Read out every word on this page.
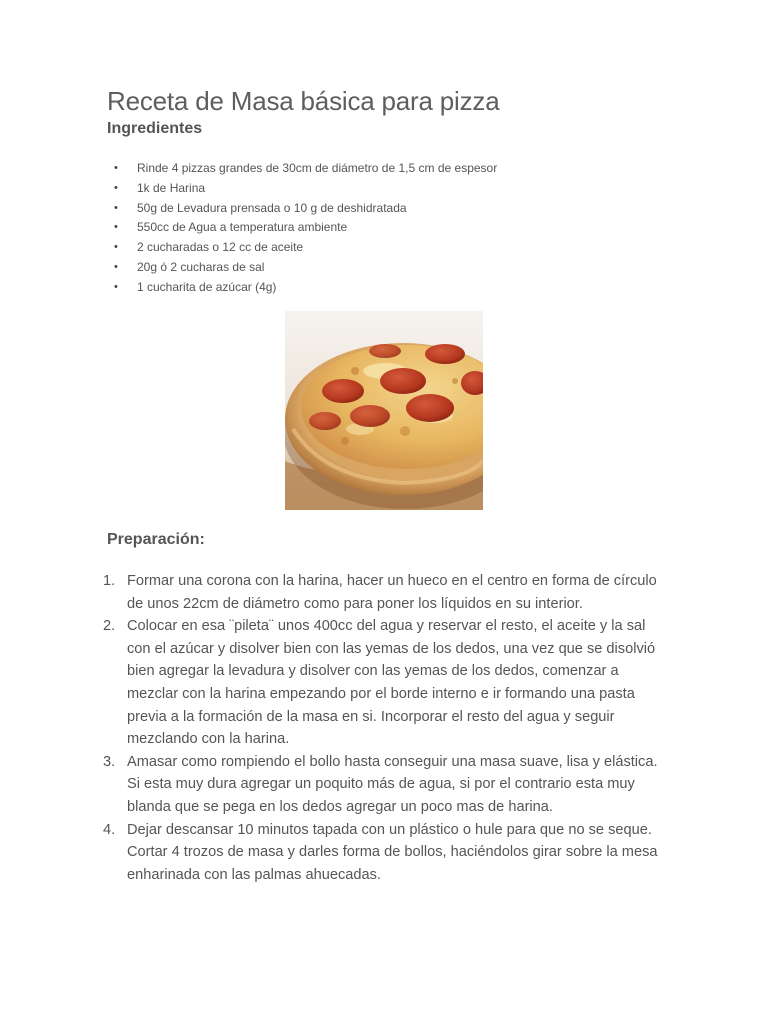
Receta de Masa básica para pizza
Ingredientes
• Rinde 4 pizzas grandes de 30cm de diámetro de 1,5 cm de espesor
• 1k de Harina
• 50g de Levadura prensada o 10 g de deshidratada
• 550cc de Agua a temperatura ambiente
• 2 cucharadas o 12 cc de aceite
• 20g ó 2 cucharas de sal
• 1 cucharita de azúcar (4g)
Preparación:
1. Formar una corona con la harina, hacer un hueco en el centro en forma de círculo de unos 22cm de diámetro como para poner los líquidos en su interior.
2. Colocar en esa ¨pileta¨ unos 400cc del agua y reservar el resto, el aceite y la sal con el azúcar y disolver bien con las yemas de los dedos, una vez que se disolvió bien agregar la levadura y disolver con las yemas de los dedos, comenzar a mezclar con la harina empezando por el borde interno e ir formando una pasta previa a la formación de la masa en si. Incorporar el resto del agua y seguir mezclando con la harina.
3. Amasar como rompiendo el bollo hasta conseguir una masa suave, lisa y elástica. Si esta muy dura agregar un poquito más de agua, si por el contrario esta muy blanda que se pega en los dedos agregar un poco mas de harina.
4. Dejar descansar 10 minutos tapada con un plástico o hule para que no se seque. Cortar 4 trozos de masa y darles forma de bollos, haciéndolos girar sobre la mesa enharinada con las palmas ahuecadas.
